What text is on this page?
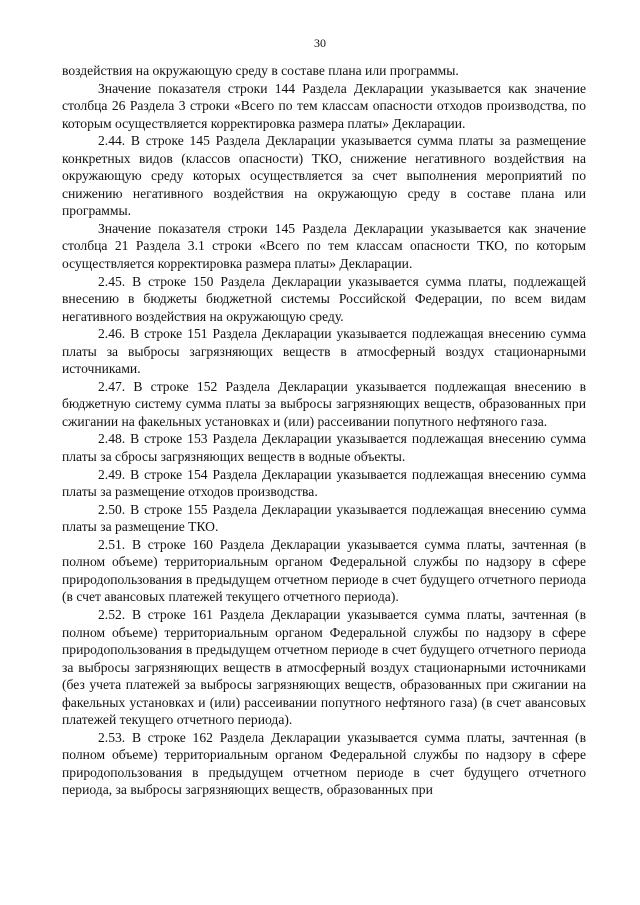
30

воздействия на окружающую среду в составе плана или программы.

Значение показателя строки 144 Раздела Декларации указывается как значение столбца 26 Раздела 3 строки «Всего по тем классам опасности отходов производства, по которым осуществляется корректировка размера платы» Декларации.

2.44. В строке 145 Раздела Декларации указывается сумма платы за размещение конкретных видов (классов опасности) ТКО, снижение негативного воздействия на окружающую среду которых осуществляется за счет выполнения мероприятий по снижению негативного воздействия на окружающую среду в составе плана или программы.

Значение показателя строки 145 Раздела Декларации указывается как значение столбца 21 Раздела 3.1 строки «Всего по тем классам опасности ТКО, по которым осуществляется корректировка размера платы» Декларации.

2.45. В строке 150 Раздела Декларации указывается сумма платы, подлежащей внесению в бюджеты бюджетной системы Российской Федерации, по всем видам негативного воздействия на окружающую среду.

2.46. В строке 151 Раздела Декларации указывается подлежащая внесению сумма платы за выбросы загрязняющих веществ в атмосферный воздух стационарными источниками.

2.47. В строке 152 Раздела Декларации указывается подлежащая внесению в бюджетную систему сумма платы за выбросы загрязняющих веществ, образованных при сжигании на факельных установках и (или) рассеивании попутного нефтяного газа.

2.48. В строке 153 Раздела Декларации указывается подлежащая внесению сумма платы за сбросы загрязняющих веществ в водные объекты.

2.49. В строке 154 Раздела Декларации указывается подлежащая внесению сумма платы за размещение отходов производства.

2.50. В строке 155 Раздела Декларации указывается подлежащая внесению сумма платы за размещение ТКО.

2.51. В строке 160 Раздела Декларации указывается сумма платы, зачтенная (в полном объеме) территориальным органом Федеральной службы по надзору в сфере природопользования в предыдущем отчетном периоде в счет будущего отчетного периода (в счет авансовых платежей текущего отчетного периода).

2.52. В строке 161 Раздела Декларации указывается сумма платы, зачтенная (в полном объеме) территориальным органом Федеральной службы по надзору в сфере природопользования в предыдущем отчетном периоде в счет будущего отчетного периода за выбросы загрязняющих веществ в атмосферный воздух стационарными источниками (без учета платежей за выбросы загрязняющих веществ, образованных при сжигании на факельных установках и (или) рассеивании попутного нефтяного газа) (в счет авансовых платежей текущего отчетного периода).

2.53. В строке 162 Раздела Декларации указывается сумма платы, зачтенная (в полном объеме) территориальным органом Федеральной службы по надзору в сфере природопользования в предыдущем отчетном периоде в счет будущего отчетного периода, за выбросы загрязняющих веществ, образованных при
